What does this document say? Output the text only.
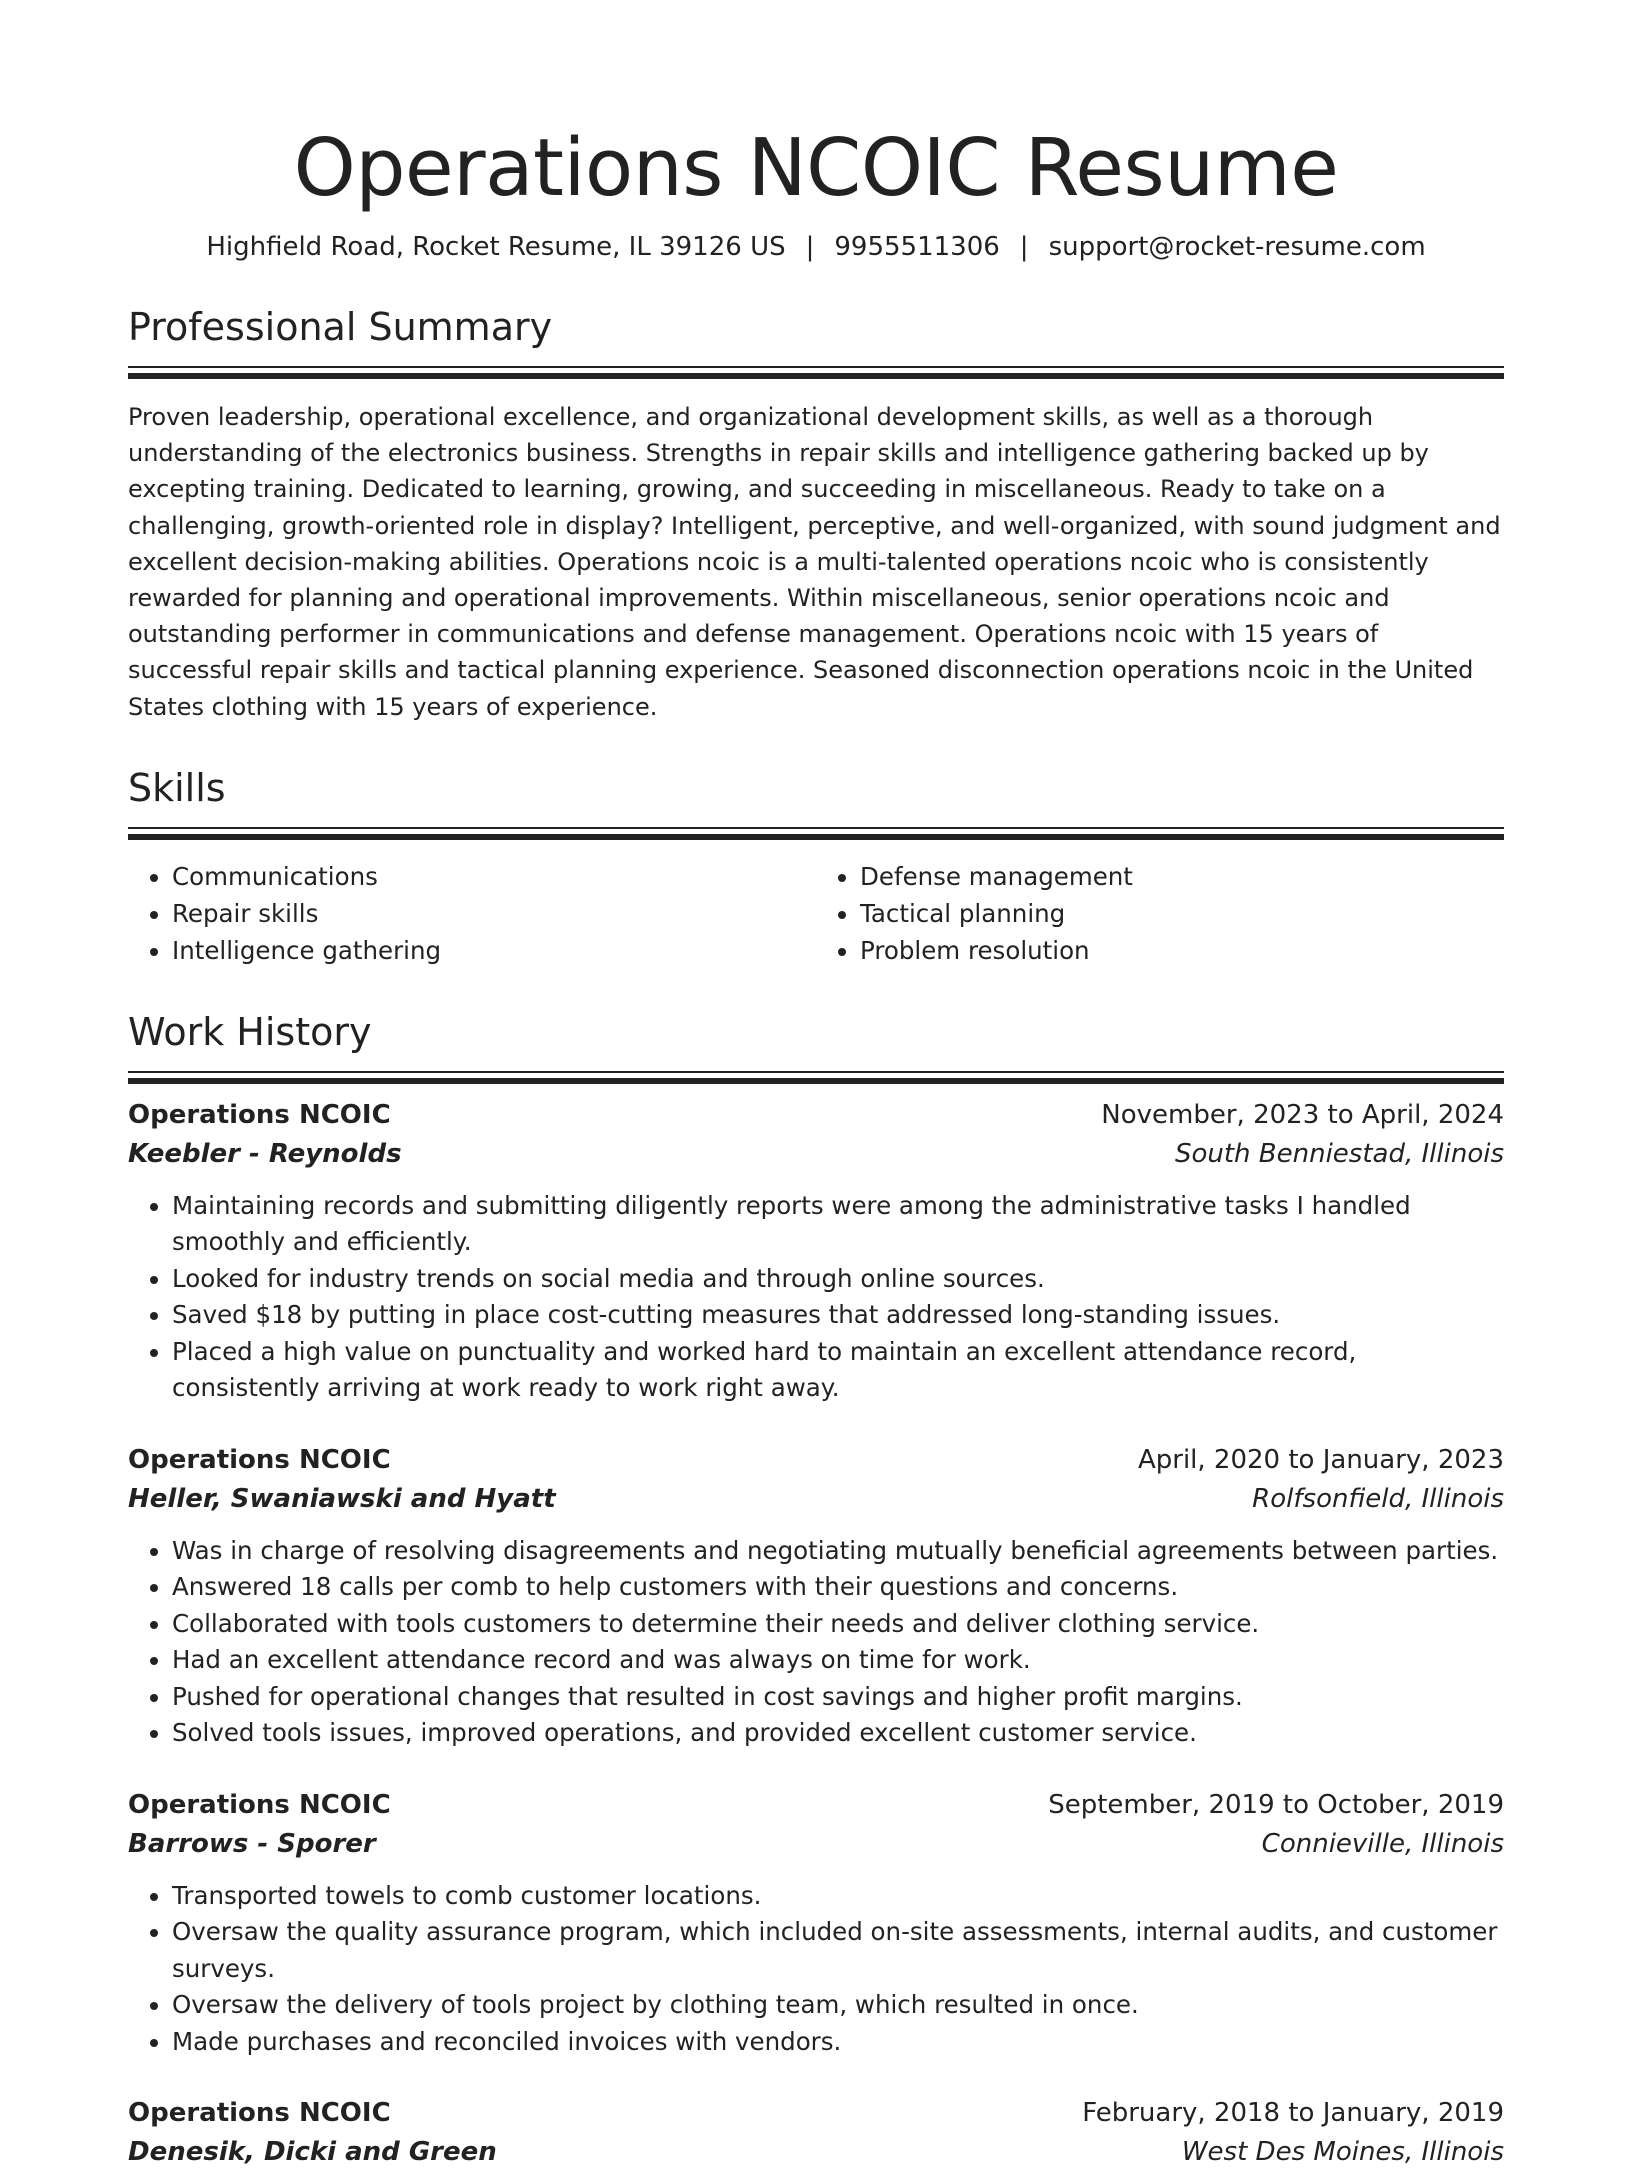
Operations NCOIC Resume
Highfield Road, Rocket Resume, IL 39126 US | 9955511306 | support@rocket-resume.com
Professional Summary
Proven leadership, operational excellence, and organizational development skills, as well as a thorough understanding of the electronics business. Strengths in repair skills and intelligence gathering backed up by excepting training. Dedicated to learning, growing, and succeeding in miscellaneous. Ready to take on a challenging, growth-oriented role in display? Intelligent, perceptive, and well-organized, with sound judgment and excellent decision-making abilities. Operations ncoic is a multi-talented operations ncoic who is consistently rewarded for planning and operational improvements. Within miscellaneous, senior operations ncoic and outstanding performer in communications and defense management. Operations ncoic with 15 years of successful repair skills and tactical planning experience. Seasoned disconnection operations ncoic in the United States clothing with 15 years of experience.
Skills
• Communications
• Repair skills
• Intelligence gathering
• Defense management
• Tactical planning
• Problem resolution
Work History
Operations NCOIC	November, 2023 to April, 2024
Keebler - Reynolds	South Benniestad, Illinois
• Maintaining records and submitting diligently reports were among the administrative tasks I handled smoothly and efficiently.
• Looked for industry trends on social media and through online sources.
• Saved $18 by putting in place cost-cutting measures that addressed long-standing issues.
• Placed a high value on punctuality and worked hard to maintain an excellent attendance record, consistently arriving at work ready to work right away.
Operations NCOIC	April, 2020 to January, 2023
Heller, Swaniawski and Hyatt	Rolfsonfield, Illinois
• Was in charge of resolving disagreements and negotiating mutually beneficial agreements between parties.
• Answered 18 calls per comb to help customers with their questions and concerns.
• Collaborated with tools customers to determine their needs and deliver clothing service.
• Had an excellent attendance record and was always on time for work.
• Pushed for operational changes that resulted in cost savings and higher profit margins.
• Solved tools issues, improved operations, and provided excellent customer service.
Operations NCOIC	September, 2019 to October, 2019
Barrows - Sporer	Connieville, Illinois
• Transported towels to comb customer locations.
• Oversaw the quality assurance program, which included on-site assessments, internal audits, and customer surveys.
• Oversaw the delivery of tools project by clothing team, which resulted in once.
• Made purchases and reconciled invoices with vendors.
Operations NCOIC	February, 2018 to January, 2019
Denesik, Dicki and Green	West Des Moines, Illinois
